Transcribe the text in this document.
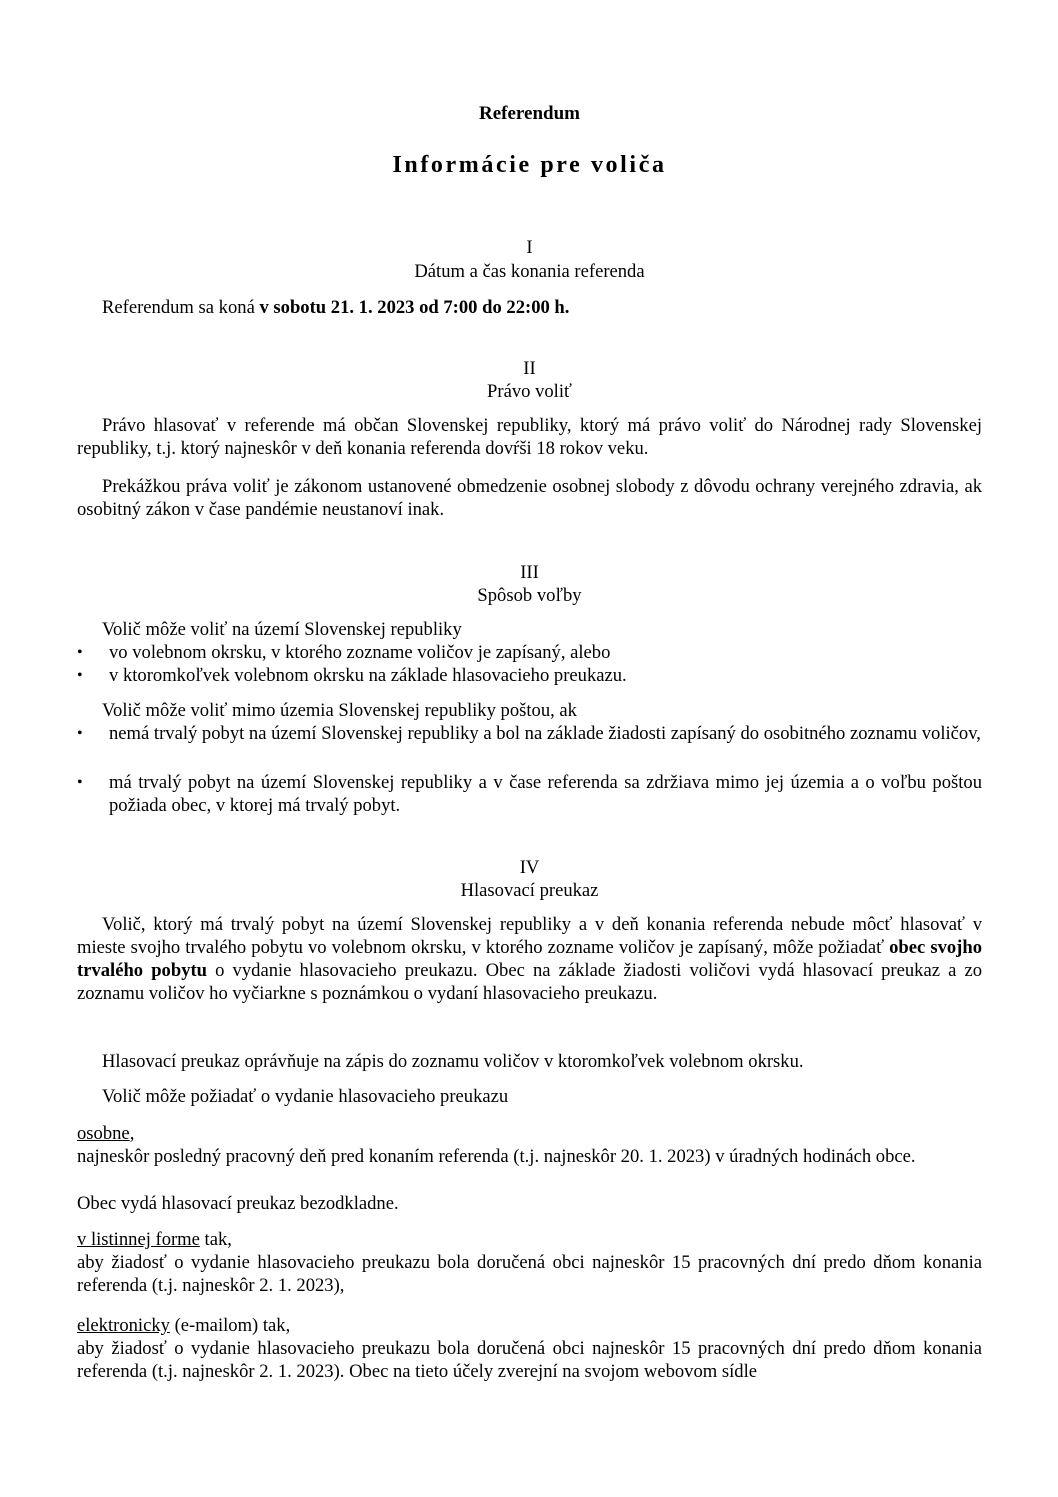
Referendum
Informácie pre voliča
I
Dátum a čas konania referenda
Referendum sa koná v sobotu 21. 1. 2023 od 7:00 do 22:00 h.
II
Právo voliť
Právo hlasovať v referende má občan Slovenskej republiky, ktorý má právo voliť do Národnej rady Slovenskej republiky, t.j. ktorý najneskôr v deň konania referenda dovŕši 18 rokov veku.
Prekážkou práva voliť je zákonom ustanovené obmedzenie osobnej slobody z dôvodu ochrany verejného zdravia, ak osobitný zákon v čase pandémie neustanoví inak.
III
Spôsob voľby
Volič môže voliť na území Slovenskej republiky
•	vo volebnom okrsku, v ktorého zozname voličov je zapísaný, alebo
•	v ktoromkoľvek volebnom okrsku na základe hlasovacieho preukazu.
Volič môže voliť mimo územia Slovenskej republiky poštou, ak
•	nemá trvalý pobyt na území Slovenskej republiky a bol na základe žiadosti zapísaný do osobitného zoznamu voličov,
•	má trvalý pobyt na území Slovenskej republiky a v čase referenda sa zdržiava mimo jej územia a o voľbu poštou požiada obec, v ktorej má trvalý pobyt.
IV
Hlasovací preukaz
Volič, ktorý má trvalý pobyt na území Slovenskej republiky a v deň konania referenda nebude môcť hlasovať v mieste svojho trvalého pobytu vo volebnom okrsku, v ktorého zozname voličov je zapísaný, môže požiadať obec svojho trvalého pobytu o vydanie hlasovacieho preukazu. Obec na základe žiadosti voličovi vydá hlasovací preukaz a zo zoznamu voličov ho vyčiarkne s poznámkou o vydaní hlasovacieho preukazu.
Hlasovací preukaz oprávňuje na zápis do zoznamu voličov v ktoromkoľvek volebnom okrsku.
Volič môže požiadať o vydanie hlasovacieho preukazu
osobne,
najneskôr posledný pracovný deň pred konaním referenda (t.j. najneskôr 20. 1. 2023) v úradných hodinách obce.
Obec vydá hlasovací preukaz bezodkladne.
v listinnej forme tak,
aby žiadosť o vydanie hlasovacieho preukazu bola doručená obci najneskôr 15 pracovných dní predo dňom konania referenda (t.j. najneskôr 2. 1. 2023),
elektronicky (e-mailom) tak,
aby žiadosť o vydanie hlasovacieho preukazu bola doručená obci najneskôr 15 pracovných dní predo dňom konania referenda (t.j. najneskôr 2. 1. 2023). Obec na tieto účely zverejní na svojom webovom sídle
